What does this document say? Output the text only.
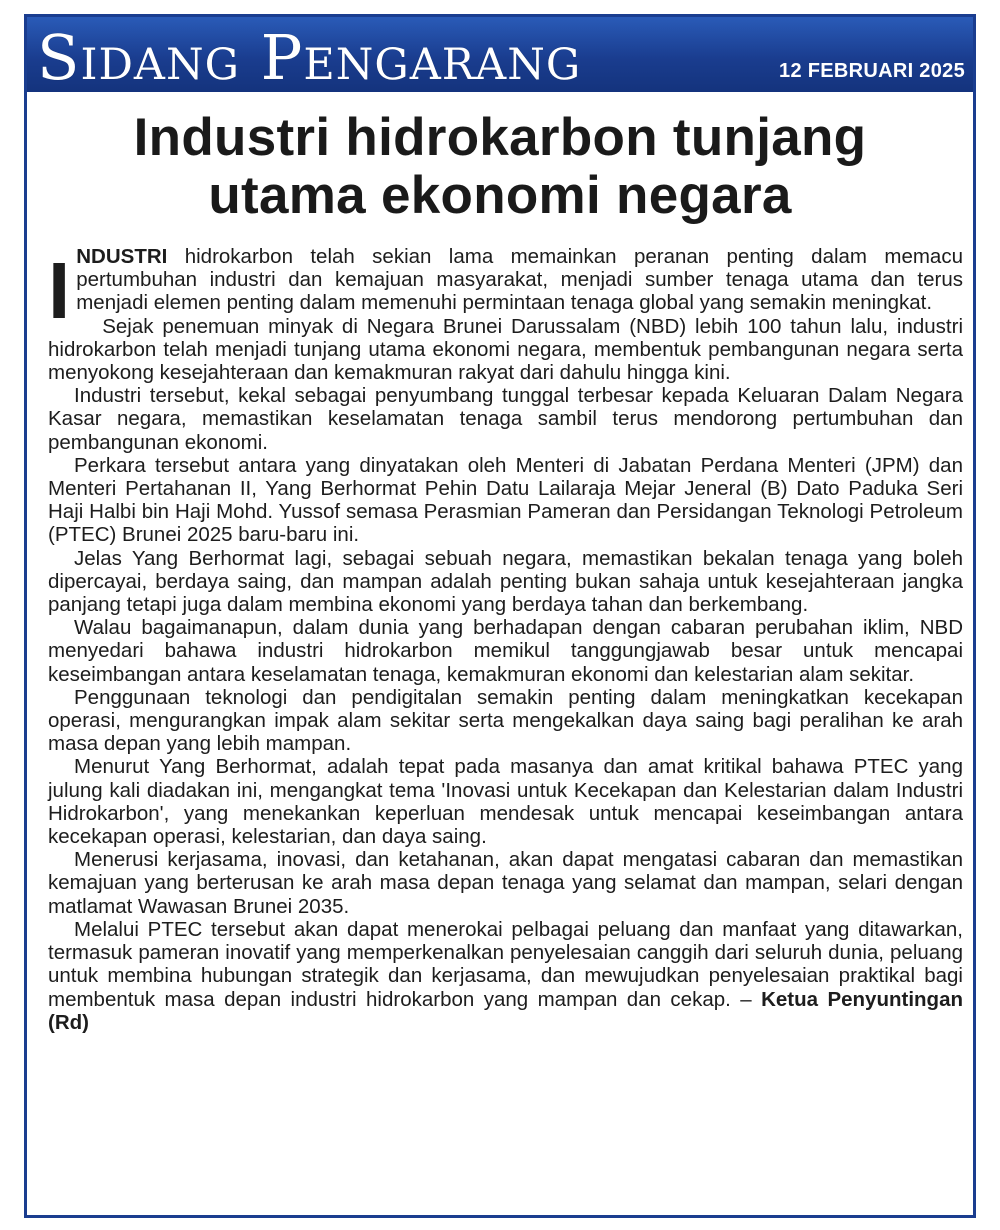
Sidang Pengarang	12 FEBRUARI 2025
Industri hidrokarbon tunjang
utama ekonomi negara

INDUSTRI hidrokarbon telah sekian lama memainkan peranan penting dalam memacu pertumbuhan industri dan kemajuan masyarakat, menjadi sumber tenaga utama dan terus menjadi elemen penting dalam memenuhi permintaan tenaga global yang semakin meningkat.

Sejak penemuan minyak di Negara Brunei Darussalam (NBD) lebih 100 tahun lalu, industri hidrokarbon telah menjadi tunjang utama ekonomi negara, membentuk pembangunan negara serta menyokong kesejahteraan dan kemakmuran rakyat dari dahulu hingga kini.

Industri tersebut, kekal sebagai penyumbang tunggal terbesar kepada Keluaran Dalam Negara Kasar negara, memastikan keselamatan tenaga sambil terus mendorong pertumbuhan dan pembangunan ekonomi.

Perkara tersebut antara yang dinyatakan oleh Menteri di Jabatan Perdana Menteri (JPM) dan Menteri Pertahanan II, Yang Berhormat Pehin Datu Lailaraja Mejar Jeneral (B) Dato Paduka Seri Haji Halbi bin Haji Mohd. Yussof semasa Perasmian Pameran dan Persidangan Teknologi Petroleum (PTEC) Brunei 2025 baru-baru ini.

Jelas Yang Berhormat lagi, sebagai sebuah negara, memastikan bekalan tenaga yang boleh dipercayai, berdaya saing, dan mampan adalah penting bukan sahaja untuk kesejahteraan jangka panjang tetapi juga dalam membina ekonomi yang berdaya tahan dan berkembang.

Walau bagaimanapun, dalam dunia yang berhadapan dengan cabaran perubahan iklim, NBD menyedari bahawa industri hidrokarbon memikul tanggungjawab besar untuk mencapai keseimbangan antara keselamatan tenaga, kemakmuran ekonomi dan kelestarian alam sekitar.

Penggunaan teknologi dan pendigitalan semakin penting dalam meningkatkan kecekapan operasi, mengurangkan impak alam sekitar serta mengekalkan daya saing bagi peralihan ke arah masa depan yang lebih mampan.

Menurut Yang Berhormat, adalah tepat pada masanya dan amat kritikal bahawa PTEC yang julung kali diadakan ini, mengangkat tema 'Inovasi untuk Kecekapan dan Kelestarian dalam Industri Hidrokarbon', yang menekankan keperluan mendesak untuk mencapai keseimbangan antara kecekapan operasi, kelestarian, dan daya saing.

Menerusi kerjasama, inovasi, dan ketahanan, akan dapat mengatasi cabaran dan memastikan kemajuan yang berterusan ke arah masa depan tenaga yang selamat dan mampan, selari dengan matlamat Wawasan Brunei 2035.

Melalui PTEC tersebut akan dapat menerokai pelbagai peluang dan manfaat yang ditawarkan, termasuk pameran inovatif yang memperkenalkan penyelesaian canggih dari seluruh dunia, peluang untuk membina hubungan strategik dan kerjasama, dan mewujudkan penyelesaian praktikal bagi membentuk masa depan industri hidrokarbon yang mampan dan cekap. – Ketua Penyuntingan (Rd)
